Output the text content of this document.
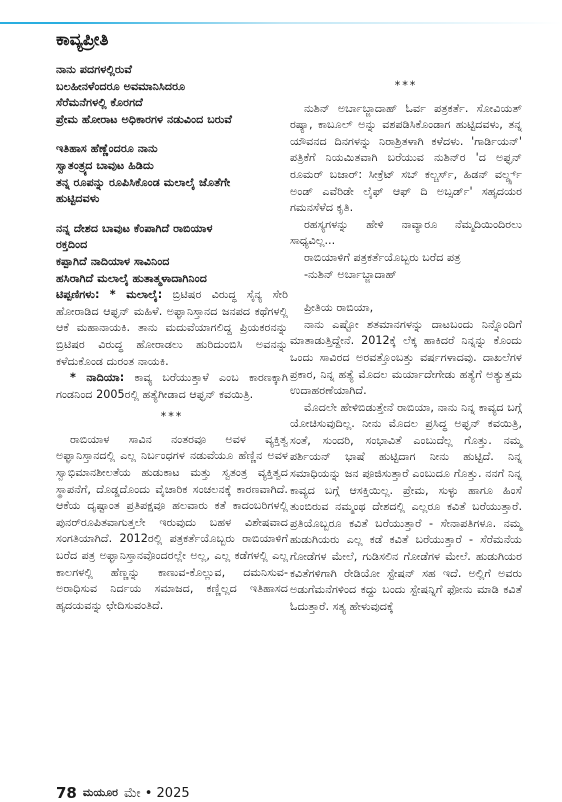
ಕಾವ್ಯಪ್ರೀತಿ

ನಾನು ಪದಗಳಲ್ಲಿರುವೆ
ಬಲಹೀನಳೆಂದರೂ ಅವಮಾನಿಸಿದರೂ
ಸೆರೆಮನೆಗಳಲ್ಲಿ ಕೊರಗದೆ
ಪ್ರೇಮ ಹೋರಾಟ ಅಧಿಕಾರಗಳ ನಡುವಿಂದ ಬರುವೆ

ಇತಿಹಾಸ ಹೆಣ್ಣೆಂದರೂ ನಾನು
ಸ್ವಾತಂತ್ರ್ಯದ ಬಾವುಟ ಹಿಡಿದು
ತನ್ನ ರೂಪನ್ನು ರೂಪಿಸಿಕೊಂಡ ಮಲಾಲೈ ಜೊತೆಗೇ
ಹುಟ್ಟಿದವಳು

ನನ್ನ ದೇಶದ ಬಾವುಟ ಕೆಂಪಾಗಿದೆ ರಾಬಿಯಾಳ
ರಕ್ತದಿಂದ
ಕಪ್ಪಾಗಿದೆ ನಾದಿಯಾಳ ಸಾವಿನಿಂದ
ಹಸಿರಾಗಿದೆ ಮಲಾಲೈ ಹುತಾತ್ಮಳಾದಾಗಿನಿಂದ

ಟಿಪ್ಪಣಿಗಳು: * ಮಲಾಲೈ: ಬ್ರಿಟಿಷರ ವಿರುದ್ಧ ಸೈನ್ಯ ಸೇರಿ ಹೋರಾಡಿದ ಆಫ್ಘನ್ ಮಹಿಳೆ. ಅಫ್ಘಾನಿಸ್ತಾನದ ಜನಪದ ಕಥೆಗಳಲ್ಲಿ ಆಕೆ ಮಹಾನಾಯಕಿ. ತಾನು ಮದುವೆಯಾಗಲಿದ್ದ ಪ್ರಿಯಕರನನ್ನು ಬ್ರಿಟಿಷರ ವಿರುದ್ಧ ಹೋರಾಡಲು ಹುರಿದುಂಬಿಸಿ ಅವನನ್ನು ಕಳೆದುಕೊಂಡ ದುರಂತ ನಾಯಕಿ.

* ನಾದಿಯಾ: ಕಾವ್ಯ ಬರೆಯುತ್ತಾಳೆ ಎಂಬ ಕಾರಣಕ್ಕಾಗಿ ಗಂಡನಿಂದ 2005ರಲ್ಲಿ ಹತ್ಯೆಗೀಡಾದ ಆಫ್ಘನ್ ಕವಯಿತ್ರಿ.

***

ರಾಬಿಯಾಳ ಸಾವಿನ ನಂತರವೂ ಅವಳ ವ್ಯಕ್ತಿತ್ವ ಅಫ್ಘಾನಿಸ್ತಾನದಲ್ಲಿ ಎಲ್ಲ ನಿರ್ಬಂಧಗಳ ನಡುವೆಯೂ ಹೆಣ್ಣಿನ ಅವಳ ಸ್ವಾಭಿಮಾನಶೀಲತೆಯ ಹುಡುಕಾಟ ಮತ್ತು ಸ್ವತಂತ್ರ ವ್ಯಕ್ತಿತ್ವದ ಸ್ಥಾಪನೆಗೆ, ದೊಡ್ಡದೊಂದು ವೈಚಾರಿಕ ಸಂಚಲನಕ್ಕೆ ಕಾರಣವಾಗಿದೆ. ಆಕೆಯ ದೃಷ್ಟಾಂತ ಪ್ರತಿಪಕ್ಷವೂ ಹಲವಾರು ಕತೆ ಕಾದಂಬರಿಗಳಲ್ಲಿ ಪುನರ್‌ರೂಪಿತವಾಗುತ್ತಲೇ ಇರುವುದು ಬಹಳ ವಿಶೇಷವಾದ ಸಂಗತಿಯಾಗಿದೆ. 2012ರಲ್ಲಿ ಪತ್ರಕರ್ತೆಯೊಬ್ಬರು ರಾಬಿಯಾಳಿಗೆ ಬರೆದ ಪತ್ರ ಅಫ್ಘಾನಿಸ್ತಾನವೊಂದರಲ್ಲೇ ಅಲ್ಲ, ಎಲ್ಲ ಕಡೆಗಳಲ್ಲಿ ಎಲ್ಲ ಕಾಲಗಳಲ್ಲಿ ಹೆಣ್ಣನ್ನು ಕಾಣುವ-ಕೊಲ್ಲುವ, ದಮನಿಸುವ- ಅರಾಧಿಸುವ ನಿರ್ದಯ ಸಮಾಜದ, ಕಣ್ಣಿಲ್ಲದ ಇತಿಹಾಸದ ಹೃದಯವನ್ನು ಛೇದಿಸುವಂತಿದೆ.

***

ನುಶಿನ್ ಅರ್ಬಾಬ್ಜಾದಾಹ್ ಓರ್ವ ಪತ್ರಕರ್ತೆ. ಸೋವಿಯತ್ ರಷ್ಯಾ, ಕಾಬೂಲ್ ಅನ್ನು ವಶಪಡಿಸಿಕೊಂಡಾಗ ಹುಟ್ಟಿದವಳು, ತನ್ನ ಯೌವನದ ದಿನಗಳನ್ನು ನಿರಾಶ್ರಿತಳಾಗಿ ಕಳೆದಳು. 'ಗಾರ್ಡಿಯನ್' ಪತ್ರಿಕೆಗೆ ನಿಯಮಿತವಾಗಿ ಬರೆಯುವ ನುಶಿನ್‌ರ 'ದ ಅಫ್ಘನ್ ರೂಮರ್ ಬಜಾರ್: ಸೀಕ್ರೆಟ್ ಸಬ್ ಕಲ್ಚರ್ಸ್, ಹಿಡನ್ ವರ್ಲ್ಡ್ಸ್ ಅಂಡ್ ಎವೆರಿಡೇ ಲೈಫ್ ಆಫ್ ದಿ ಅಬ್ಸರ್ಡ್' ಸಹೃದಯರ ಗಮನಸೆಳೆದ ಕೃತಿ.

ರಹಸ್ಯಗಳನ್ನು ಹೇಳಿ ನಾವ್ಯಾರೂ ನೆಮ್ಮದಿಯಿಂದಿರಲು ಸಾಧ್ಯವಿಲ್ಲ...

ರಾಬಿಯಾಳಿಗೆ ಪತ್ರಕರ್ತೆಯೊಬ್ಬರು ಬರೆದ ಪತ್ರ

-ನುಶಿನ್ ಅರ್ಬಾಬ್ಜಾದಾಹ್

ಪ್ರೀತಿಯ ರಾಬಿಯಾ,

ನಾನು ಎಷ್ಟೋ ಶತಮಾನಗಳನ್ನು ದಾಟಬಂದು ನಿನ್ನೊಂದಿಗೆ ಮಾತಾಡುತ್ತಿದ್ದೇನೆ. 2012ಕ್ಕೆ ಲೆಕ್ಕ ಹಾಕಿದರೆ ನಿನ್ನನ್ನು ಕೊಂದು ಒಂದು ಸಾವಿರದ ಅರವತ್ತೊಂಬತ್ತು ವರ್ಷಗಳಾದವು. ದಾಖಲೆಗಳ ಪ್ರಕಾರ, ನಿನ್ನ ಹತ್ಯೆ ಮೊದಲ ಮರ್ಯಾದೇಗೇಡು ಹತ್ಯೆಗೆ ಅತ್ಯುತ್ತಮ ಉದಾಹರಣೆಯಾಗಿದೆ.

ಮೊದಲೇ ಹೇಳಿಬಿಡುತ್ತೇನೆ ರಾಬಿಯಾ, ನಾನು ನಿನ್ನ ಕಾವ್ಯದ ಬಗ್ಗೆ ಯೋಚಿಸುವುದಿಲ್ಲ. ನೀನು ಮೊದಲ ಪ್ರಸಿದ್ಧ ಅಫ್ಘನ್ ಕವಯಿತ್ರಿ, ಸಂತೆ, ಸುಂದರಿ, ಸಂಭಾವಿತೆ ಎಂಬುದೆಲ್ಲ ಗೊತ್ತು. ನಮ್ಮ ಪರ್ಶಿಯನ್ ಭಾಷೆ ಹುಟ್ಟಿದಾಗ ನೀನು ಹುಟ್ಟಿದೆ. ನಿನ್ನ ಸಮಾಧಿಯನ್ನು ಜನ ಪೂಜಿಸುತ್ತಾರೆ ಎಂಬುದೂ ಗೊತ್ತು. ನನಗೆ ನಿನ್ನ ಕಾವ್ಯದ ಬಗ್ಗೆ ಆಸಕ್ತಿಯಿಲ್ಲ. ಪ್ರೇಮ, ಸುಳ್ಳು ಹಾಗೂ ಹಿಂಸೆ ತುಂಬಿರುವ ನಮ್ಮಂಥ ದೇಶದಲ್ಲಿ ಎಲ್ಲರೂ ಕವಿತೆ ಬರೆಯುತ್ತಾರೆ. ಪ್ರತಿಯೊಬ್ಬರೂ ಕವಿತೆ ಬರೆಯುತ್ತಾರೆ - ಸೇನಾಪತಿಗಳೂ. ನಮ್ಮ ಹುಡುಗಿಯರು ಎಲ್ಲ ಕಡೆ ಕವಿತೆ ಬರೆಯುತ್ತಾರೆ - ಸೆರೆಮನೆಯ ಗೋಡೆಗಳ ಮೇಲೆ, ಗುಡಿಸಲಿನ ಗೋಡೆಗಳ ಮೇಲೆ. ಹುಡುಗಿಯರ ಕವಿತೆಗಳಿಗಾಗಿ ರೇಡಿಯೋ ಸ್ಟೇಷನ್ ಸಹ ಇದೆ. ಅಲ್ಲಿಗೆ ಅವರು ಅಡುಗೆಮನೆಗಳಿಂದ ಕದ್ದು ಬಂದು ಸ್ಟೇಷನ್ನಿಗೆ ಫೋನು ಮಾಡಿ ಕವಿತೆ ಓದುತ್ತಾರೆ. ಸತ್ಯ ಹೇಳುವುದಕ್ಕೆ

78 ಮಯೂರ ಮೇ • 2025
